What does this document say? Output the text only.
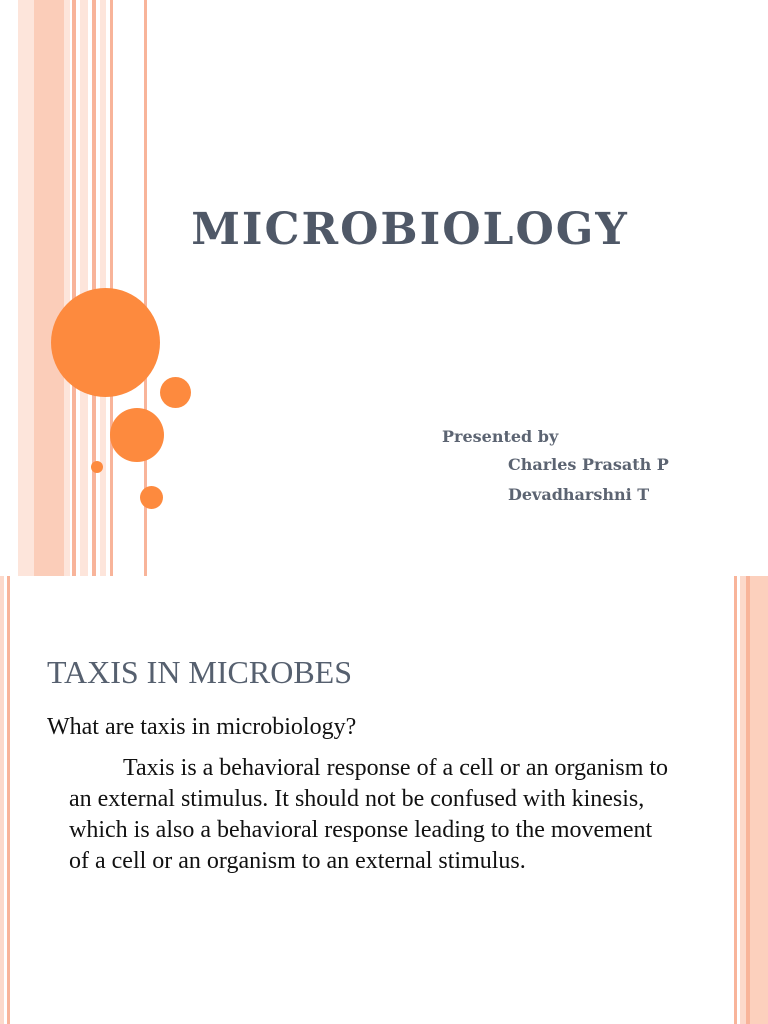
MICROBIOLOGY

Presented by

Charles Prasath P

Devadharshni T

TAXIS IN MICROBES

What are taxis in microbiology?

Taxis is a behavioral response of a cell or an organism to an external stimulus. It should not be confused with kinesis, which is also a behavioral response leading to the movement of a cell or an organism to an external stimulus.
